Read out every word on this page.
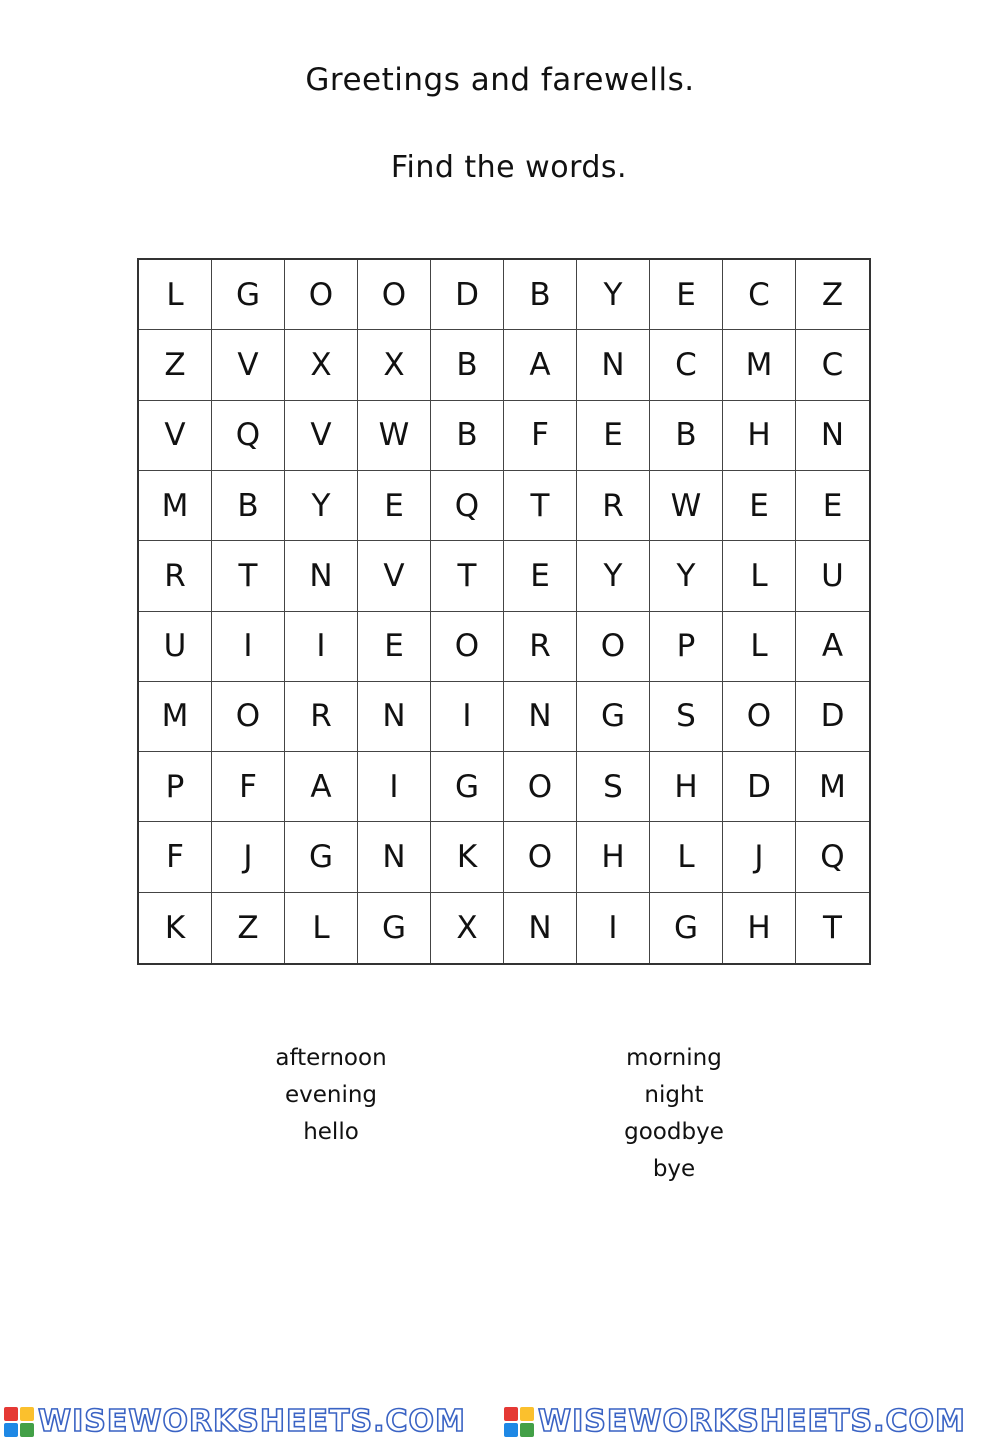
Greetings and farewells.
Find the words.
L	G	O	O	D	B	Y	E	C	Z
Z	V	X	X	B	A	N	C	M	C
V	Q	V	W	B	F	E	B	H	N
M	B	Y	E	Q	T	R	W	E	E
R	T	N	V	T	E	Y	Y	L	U
U	I	I	E	O	R	O	P	L	A
M	O	R	N	I	N	G	S	O	D
P	F	A	I	G	O	S	H	D	M
F	J	G	N	K	O	H	L	J	Q
K	Z	L	G	X	N	I	G	H	T
afternoon
evening
hello
morning
night
goodbye
bye
WISEWORKSHEETS.COM WISEWORKSHEETS.COM
